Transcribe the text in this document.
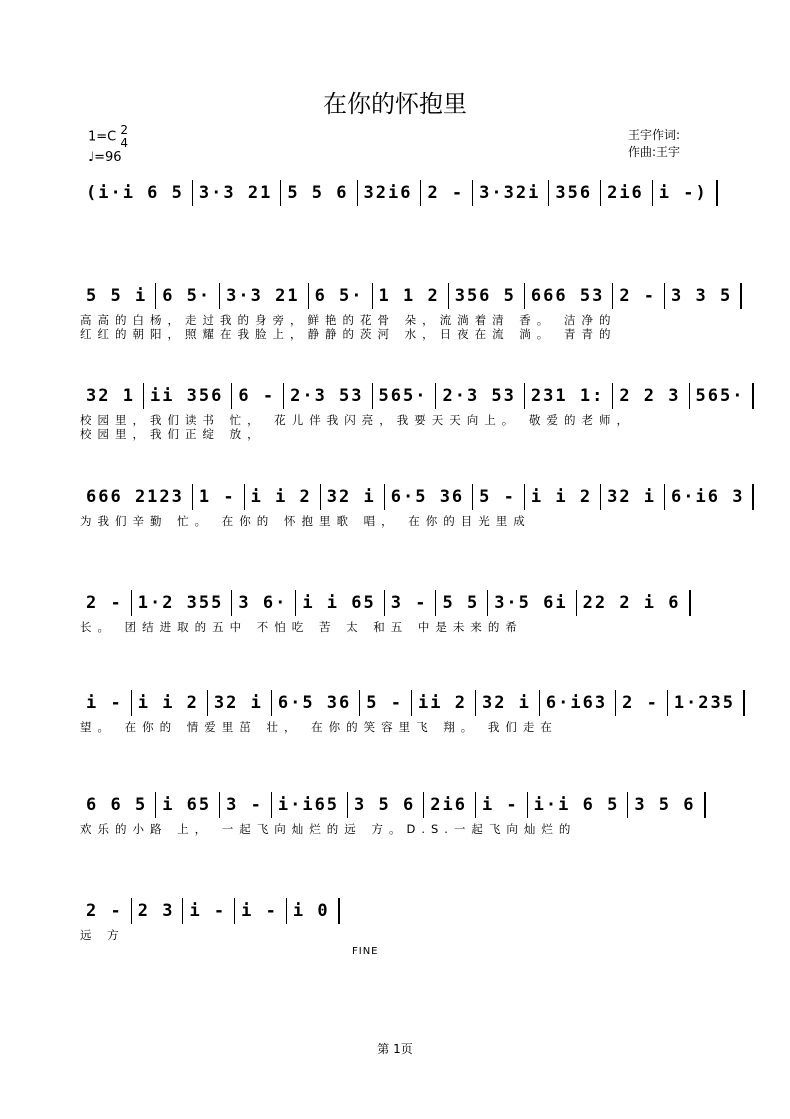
在你的怀抱里
1=C 2
4
♩=96
王宇作词:
作曲:王宇
(i·i 6 5 3·3 21 5 5 6 32i6 2 - 3·32i 356 2i6 i -)
5 5 i 6 5· 3·3 21 6 5· 1 1 2 356 5 666 53 2 - 3 3 5
高高的白杨，走过我的身旁，鲜艳的花骨 朵，流淌着清 香。 洁净的
红红的朝阳，照耀在我脸上，静静的茨河 水，日夜在流 淌。 青青的
32 1 ii 356 6 - 2·3 53 565· 2·3 53 231 1: 2 2 3 565·
校园里，我们读书 忙， 花儿伴我闪亮，我要天天向上。 敬爱的老师，
校园里，我们正绽 放，
666 2123 1 - i i 2 32 i 6·5 36 5 - i i 2 32 i 6·i6 3
为我们辛勤 忙。 在你的 怀抱里歌 唱， 在你的目光里成
2 - 1·2 355 3 6· i i 65 3 - 5 5 3·5 6i 22 2 i 6
长。 团结进取的五中 不怕吃 苦 太 和五 中是未来的希
i - i i 2 32 i 6·5 36 5 - ii 2 32 i 6·i63 2 - 1·235
望。 在你的 情爱里茁 壮， 在你的笑容里飞 翔。 我们走在
6 6 5 i 65 3 - i·i65 3 5 6 2i6 i - i·i 6 5 3 5 6
欢乐的小路 上， 一起飞向灿烂的远 方。D.S.一起飞向灿烂的
2 - 2 3 i - i - i 0
远 方
FINE
第 1页
